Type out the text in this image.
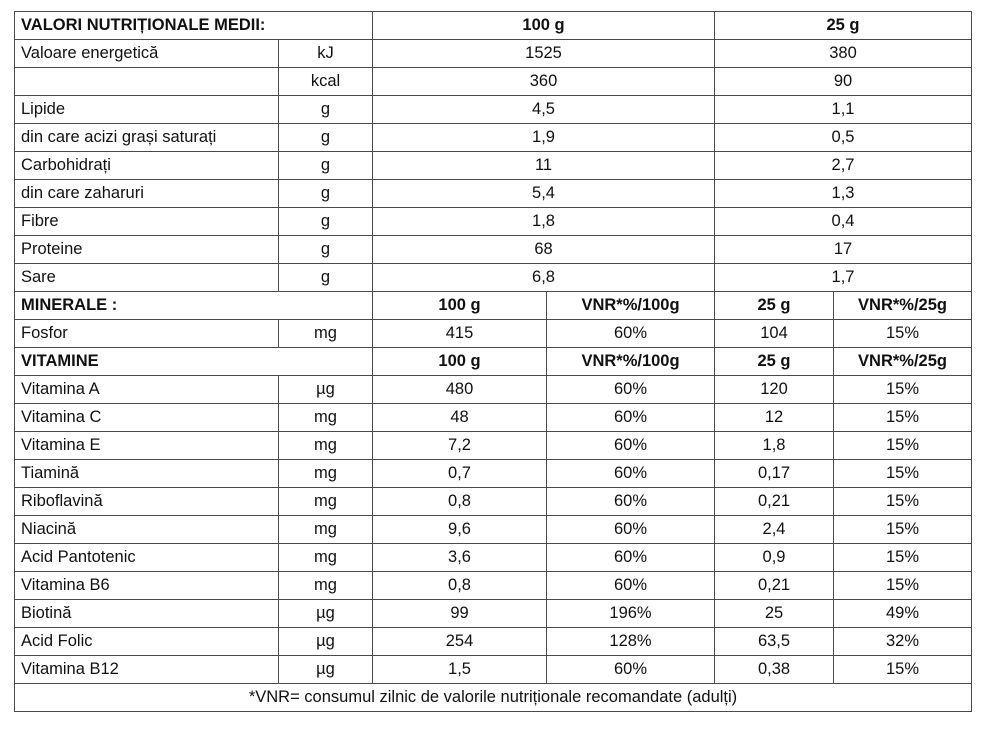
VALORI NUTRIȚIONALE MEDII:		100 g		25 g	
Valoare energetică	kJ	1525		380	
	kcal	360		90	
Lipide	g	4,5		1,1	
din care acizi grași saturați	g	1,9		0,5	
Carbohidrați	g	11		2,7	
din care zaharuri	g	5,4		1,3	
Fibre	g	1,8		0,4	
Proteine	g	68		17	
Sare	g	6,8		1,7	
MINERALE :		100 g	VNR*%/100g	25 g	VNR*%/25g
Fosfor	mg	415	60%	104	15%
VITAMINE		100 g	VNR*%/100g	25 g	VNR*%/25g
Vitamina A	µg	480	60%	120	15%
Vitamina C	mg	48	60%	12	15%
Vitamina E	mg	7,2	60%	1,8	15%
Tiamină	mg	0,7	60%	0,17	15%
Riboflavină	mg	0,8	60%	0,21	15%
Niacină	mg	9,6	60%	2,4	15%
Acid Pantotenic	mg	3,6	60%	0,9	15%
Vitamina B6	mg	0,8	60%	0,21	15%
Biotină	µg	99	196%	25	49%
Acid Folic	µg	254	128%	63,5	32%
Vitamina B12	µg	1,5	60%	0,38	15%
*VNR= consumul zilnic de valorile nutriționale recomandate (adulți)					
